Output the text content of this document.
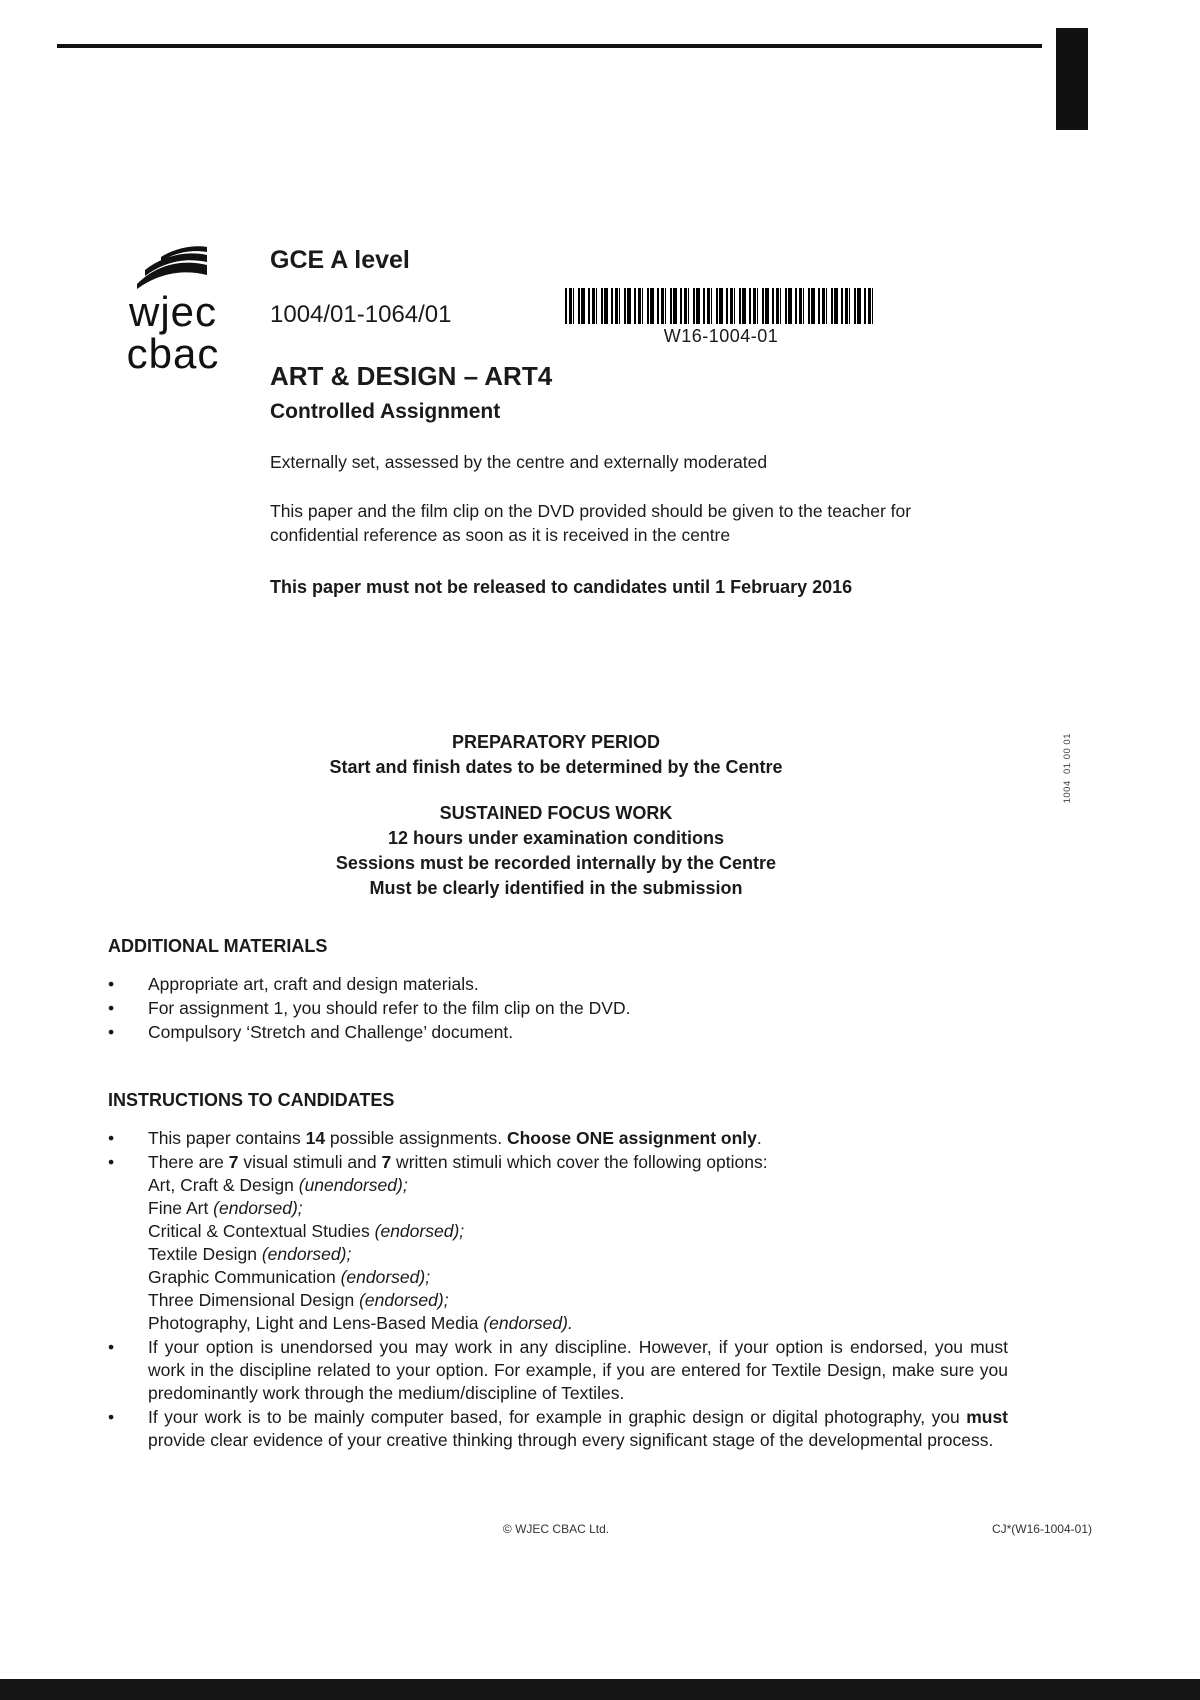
wjec
cbac	W16-1004-01
GCE A level
1004/01-1064/01
ART & DESIGN – ART4
Controlled Assignment
Externally set, assessed by the centre and externally moderated
This paper and the film clip on the DVD provided should be given to the teacher for confidential reference as soon as it is received in the centre
This paper must not be released to candidates until 1 February 2016
PREPARATORY PERIOD
Start and finish dates to be determined by the Centre
SUSTAINED FOCUS WORK
12 hours under examination conditions
Sessions must be recorded internally by the Centre
Must be clearly identified in the submission
1004  01 00 01
ADDITIONAL MATERIALS
•
Appropriate art, craft and design materials.
•
For assignment 1, you should refer to the film clip on the DVD.
•
Compulsory ‘Stretch and Challenge’ document.
INSTRUCTIONS TO CANDIDATES
•
This paper contains 14 possible assignments. Choose ONE assignment only.
•
There are 7 visual stimuli and 7 written stimuli which cover the following options:
Art, Craft & Design (unendorsed);
Fine Art (endorsed);
Critical & Contextual Studies (endorsed);
Textile Design (endorsed);
Graphic Communication (endorsed);
Three Dimensional Design (endorsed);
Photography, Light and Lens-Based Media (endorsed).
•
If your option is unendorsed you may work in any discipline. However, if your option is endorsed, you must work in the discipline related to your option. For example, if you are entered for Textile Design, make sure you predominantly work through the medium/discipline of Textiles.
•
If your work is to be mainly computer based, for example in graphic design or digital photography, you must provide clear evidence of your creative thinking through every significant stage of the developmental process.
© WJEC CBAC Ltd.	CJ*(W16-1004-01)
